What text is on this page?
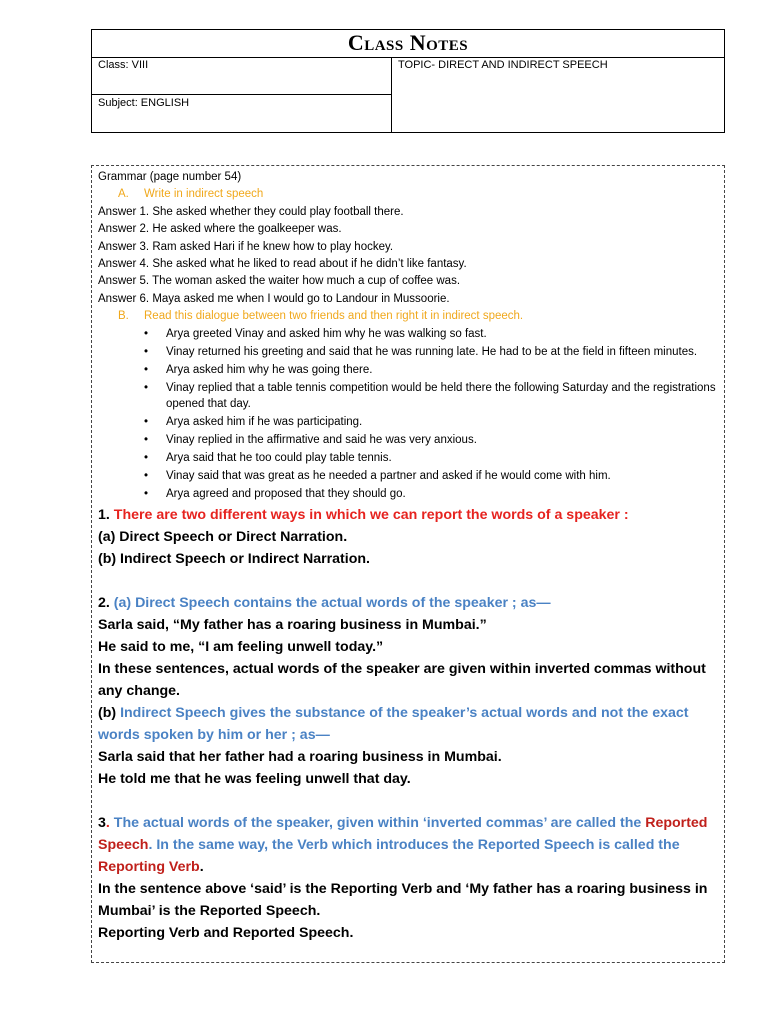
Class Notes
Class: VIII
Subject: ENGLISH
TOPIC- DIRECT AND INDIRECT SPEECH
Grammar (page number 54)
A. Write in indirect speech
Answer 1. She asked whether they could play football there.
Answer 2. He asked where the goalkeeper was.
Answer 3. Ram asked Hari if he knew how to play hockey.
Answer 4. She asked what he liked to read about if he didn’t like fantasy.
Answer 5. The woman asked the waiter how much a cup of coffee was.
Answer 6. Maya asked me when I would go to Landour in Mussoorie.
B. Read this dialogue between two friends and then right it in indirect speech.
• Arya greeted Vinay and asked him why he was walking so fast.
• Vinay returned his greeting and said that he was running late. He had to be at the field in fifteen minutes.
• Arya asked him why he was going there.
• Vinay replied that a table tennis competition would be held there the following Saturday and the registrations opened that day.
• Arya asked him if he was participating.
• Vinay replied in the affirmative and said he was very anxious.
• Arya said that he too could play table tennis.
• Vinay said that was great as he needed a partner and asked if he would come with him.
• Arya agreed and proposed that they should go.
1. There are two different ways in which we can report the words of a speaker :
(a) Direct Speech or Direct Narration.
(b) Indirect Speech or Indirect Narration.
2. (a) Direct Speech contains the actual words of the speaker ; as—
Sarla said, “My father has a roaring business in Mumbai.”
He said to me, “I am feeling unwell today.”
In these sentences, actual words of the speaker are given within inverted commas without any change.
(b) Indirect Speech gives the substance of the speaker’s actual words and not the exact words spoken by him or her ; as—
Sarla said that her father had a roaring business in Mumbai.
He told me that he was feeling unwell that day.
3. The actual words of the speaker, given within ‘inverted commas’ are called the Reported Speech. In the same way, the Verb which introduces the Reported Speech is called the Reporting Verb.
In the sentence above ‘said’ is the Reporting Verb and ‘My father has a roaring business in Mumbai’ is the Reported Speech.
Reporting Verb and Reported Speech.
